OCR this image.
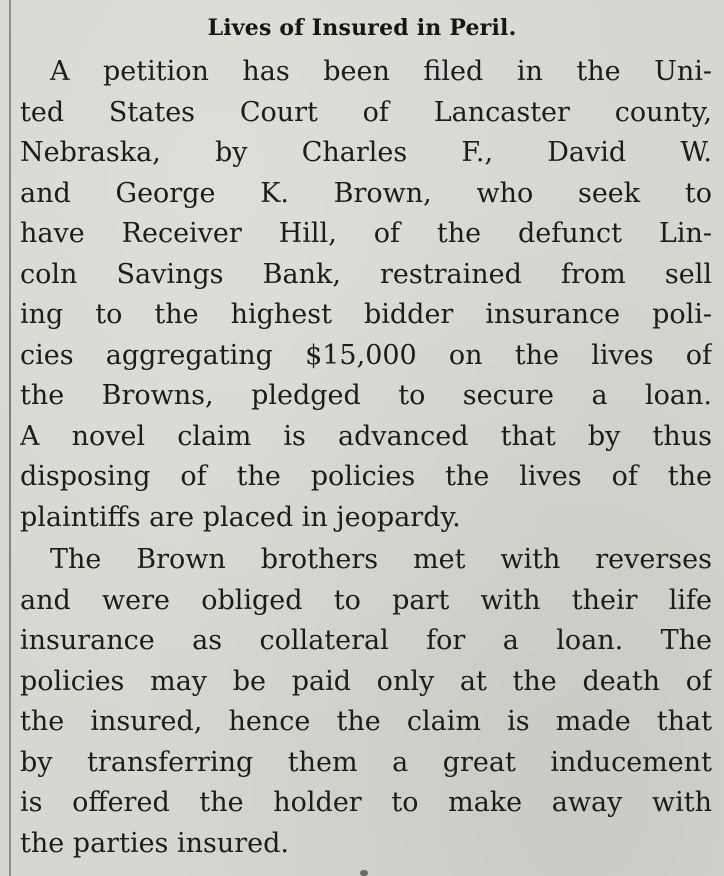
Lives of Insured in Peril.
A petition has been filed in the Uni-
ted States Court of Lancaster county,
Nebraska, by Charles F., David W.
and George K. Brown, who seek to
have Receiver Hill, of the defunct Lin-
coln Savings Bank, restrained from sell
ing to the highest bidder insurance poli-
cies aggregating $15,000 on the lives of
the Browns, pledged to secure a loan.
A novel claim is advanced that by thus
disposing of the policies the lives of the
plaintiffs are placed in jeopardy.
The Brown brothers met with reverses
and were obliged to part with their life
insurance as collateral for a loan. The
policies may be paid only at the death of
the insured, hence the claim is made that
by transferring them a great inducement
is offered the holder to make away with
the parties insured.
